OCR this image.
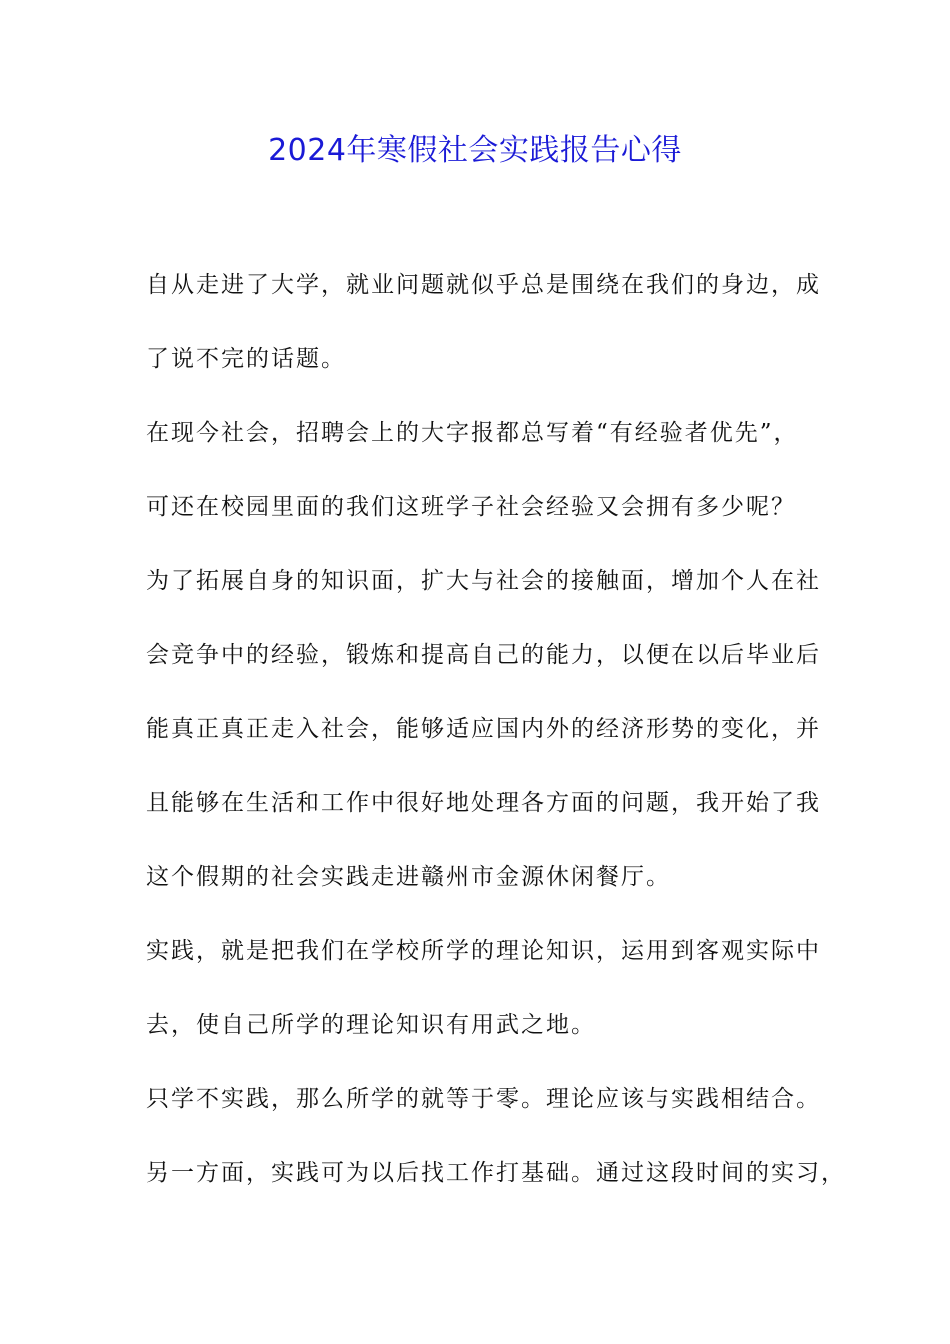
2024年寒假社会实践报告心得
自从走进了大学，就业问题就似乎总是围绕在我们的身边，成
了说不完的话题。
在现今社会，招聘会上的大字报都总写着“有经验者优先”，
可还在校园里面的我们这班学子社会经验又会拥有多少呢？
为了拓展自身的知识面，扩大与社会的接触面，增加个人在社
会竞争中的经验，锻炼和提高自己的能力，以便在以后毕业后
能真正真正走入社会，能够适应国内外的经济形势的变化，并
且能够在生活和工作中很好地处理各方面的问题，我开始了我
这个假期的社会实践走进赣州市金源休闲餐厅。
实践，就是把我们在学校所学的理论知识，运用到客观实际中
去，使自己所学的理论知识有用武之地。
只学不实践，那么所学的就等于零。理论应该与实践相结合。
另一方面，实践可为以后找工作打基础。通过这段时间的实习，
